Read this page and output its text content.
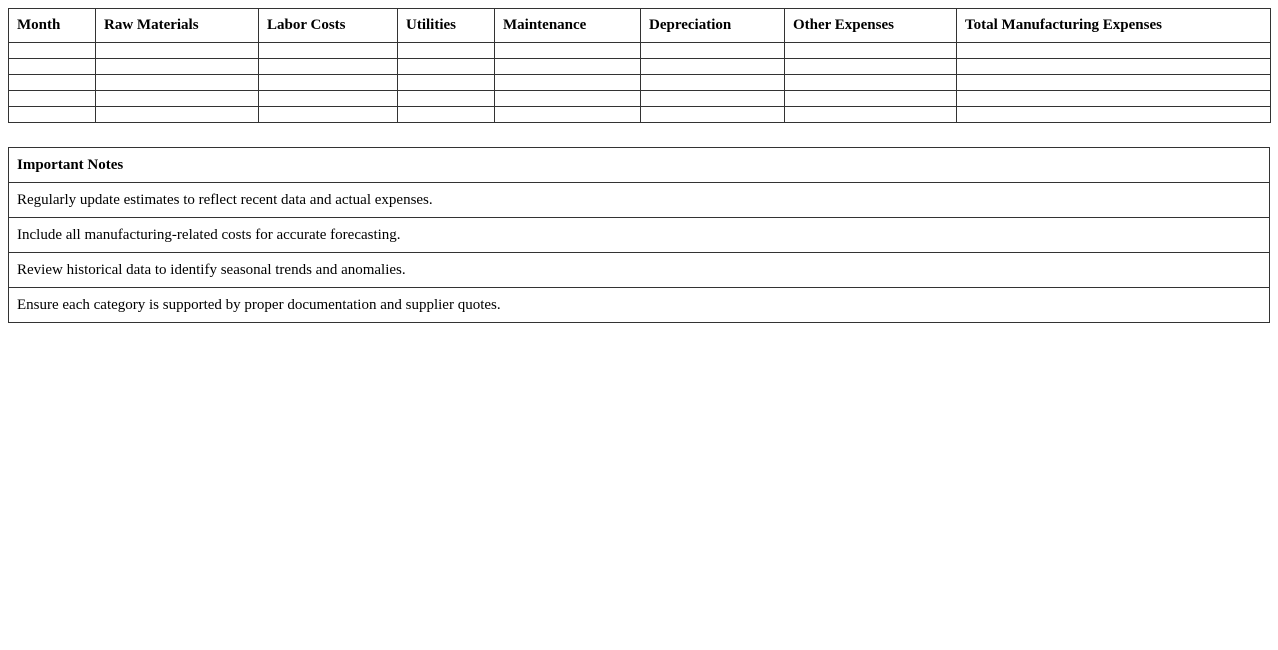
Month	Raw Materials	Labor Costs	Utilities	Maintenance	Depreciation	Other Expenses	Total Manufacturing Expenses

Important Notes
Regularly update estimates to reflect recent data and actual expenses.
Include all manufacturing-related costs for accurate forecasting.
Review historical data to identify seasonal trends and anomalies.
Ensure each category is supported by proper documentation and supplier quotes.
